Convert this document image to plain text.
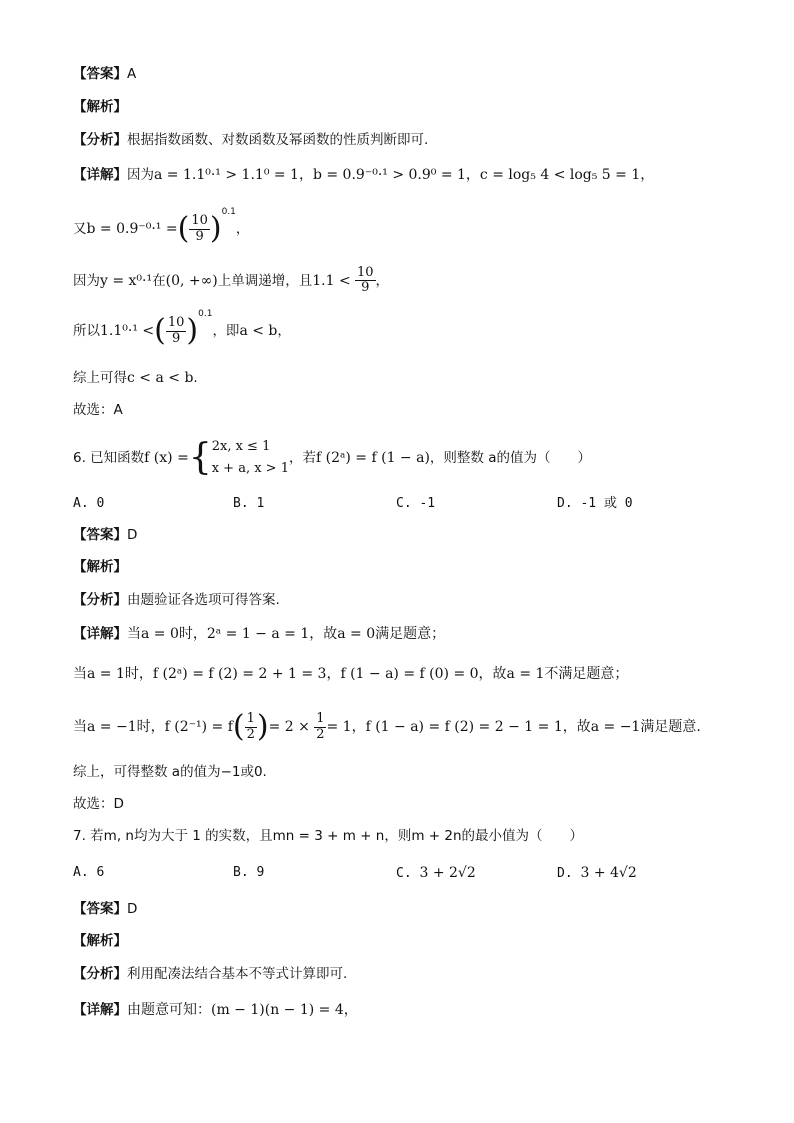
【答案】A
【解析】
【分析】根据指数函数、对数函数及幂函数的性质判断即可.
【详解】因为a = 1.1⁰·¹ > 1.1⁰ = 1，b = 0.9⁻⁰·¹ > 0.9⁰ = 1，c = log₅ 4 < log₅ 5 = 1，
又b = 0.9⁻⁰·¹ =( $\frac{10}{9} )^{0.1}$，
因为y = x⁰·¹在(0, +∞)上单调递增，且$1.1 < \frac{10}{9}$ ，
所以1.1⁰·¹ <( $\frac{10}{9} )^{0.1}$，即a < b，
综上可得c < a < b.
故选：A
6. 已知函数f (x) ={ 2x, x ≤ 1
x + a, x > 1
，若f (2ᵃ) = f (1 − a)，则整数 a的值为（　　）
A. 0	B. 1	C. -1	D. -1 或 0
【答案】D
【解析】
【分析】由题验证各选项可得答案.
【详解】当a = 0时，2ᵃ = 1 − a = 1，故a = 0满足题意；
当a = 1时，f (2ᵃ) = f (2) = 2 + 1 = 3，f (1 − a) = f (0) = 0，故a = 1不满足题意；
当a = −1时，f $(2^{-1}) = f( \frac{1}{2}$ )= $2 \times \frac{1}{2} = 1$，f (1 − a) = f (2) = 2 − 1 = 1，故a = −1满足题意.
综上，可得整数 a的值为−1或0.
故选：D
7. 若m, n均为大于 1 的实数，且mn = 3 + m + n，则m + 2n的最小值为（　　）
A. 6	B. 9	C. 3 + 2√2	D. 3 + 4√2
【答案】D
【解析】
【分析】利用配凑法结合基本不等式计算即可.
【详解】由题意可知：(m − 1)(n − 1) = 4，
